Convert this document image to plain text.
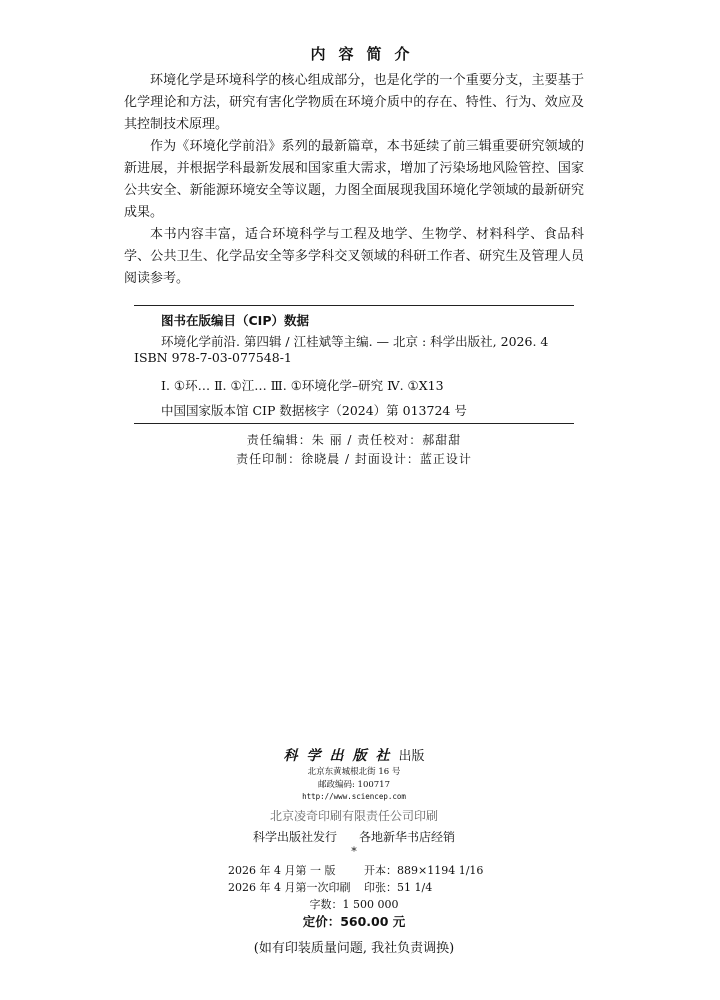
内容简介

环境化学是环境科学的核心组成部分，也是化学的一个重要分支，主要基于化学理论和方法，研究有害化学物质在环境介质中的存在、特性、行为、效应及其控制技术原理。

作为《环境化学前沿》系列的最新篇章，本书延续了前三辑重要研究领域的新进展，并根据学科最新发展和国家重大需求，增加了污染场地风险管控、国家公共安全、新能源环境安全等议题，力图全面展现我国环境化学领域的最新研究成果。

本书内容丰富，适合环境科学与工程及地学、生物学、材料科学、食品科学、公共卫生、化学品安全等多学科交叉领域的科研工作者、研究生及管理人员阅读参考。

图书在版编目（CIP）数据
环境化学前沿. 第四辑 / 江桂斌等主编. — 北京 : 科学出版社, 2026. 4
ISBN 978-7-03-077548-1
Ⅰ. ①环… Ⅱ. ①江… Ⅲ. ①环境化学–研究 Ⅳ. ①X13
中国国家版本馆 CIP 数据核字（2024）第 013724 号
责任编辑：朱 丽 / 责任校对：郝甜甜
责任印制：徐晓晨 / 封面设计：蓝正设计
科学出版社出版
北京东黄城根北街 16 号
邮政编码: 100717
http://www.sciencep.com
北京凌奇印刷有限责任公司印刷
科学出版社发行 各地新华书店经销
*
2026 年 4 月第 一 版	开本：889×1194 1/16
2026 年 4 月第一次印刷 印张：51 1/4
字数：1 500 000
定价：560.00 元
(如有印装质量问题, 我社负责调换)
